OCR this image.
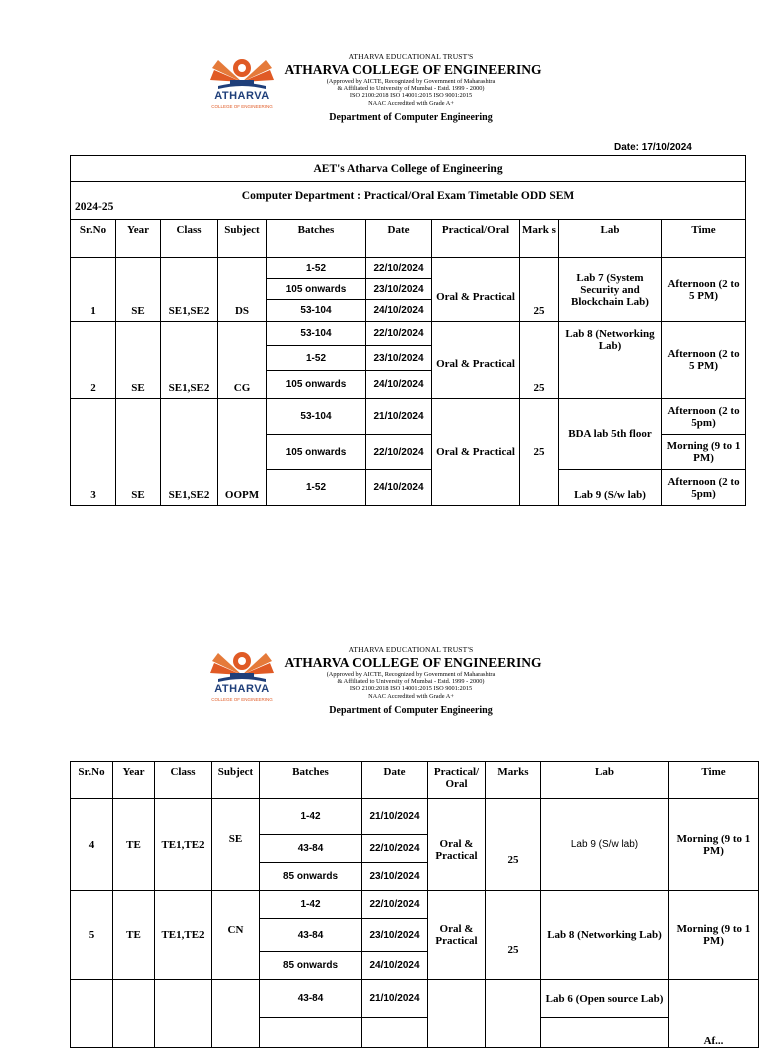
ATHARVA
COLLEGE OF ENGINEERING
ATHARVA EDUCATIONAL TRUST'S
ATHARVA COLLEGE OF ENGINEERING
(Approved by AICTE, Recognized by Government of Maharashtra
& Affiliated to University of Mumbai - Estd. 1999 - 2000)
ISO 2100:2018 ISO 14001:2015 ISO 9001:2015
NAAC Accredited with Grade A+
Department of Computer Engineering
Date: 17/10/2024
AET's Atharva College of Engineering									

Computer Department : Practical/Oral Exam Timetable ODD SEM
2024-25									

Sr.No	Year	Class	Subject	Batches	Date	Practical/Oral	Mark s	Lab	Time
1	SE	SE1,SE2	DS	1-52	22/10/2024	Oral & Practical	25	Lab 7 (System Security and Blockchain Lab)	Afternoon (2 to 5 PM)
				105 onwards	23/10/2024				
				53-104	24/10/2024				
2	SE	SE1,SE2	CG	53-104	22/10/2024	Oral & Practical	25	Lab 8 (Networking Lab)	Afternoon (2 to 5 PM)
				1-52	23/10/2024				
				105 onwards	24/10/2024				
3	SE	SE1,SE2	OOPM	53-104	21/10/2024	Oral & Practical	25	BDA lab 5th floor	Afternoon (2 to 5pm)
				105 onwards	22/10/2024				Morning (9 to 1 PM)
				1-52	24/10/2024			Lab 9 (S/w lab)	Afternoon (2 to 5pm)
ATHARVA
COLLEGE OF ENGINEERING
ATHARVA EDUCATIONAL TRUST'S
ATHARVA COLLEGE OF ENGINEERING
(Approved by AICTE, Recognized by Government of Maharashtra
& Affiliated to University of Mumbai - Estd. 1999 - 2000)
ISO 2100:2018 ISO 14001:2015 ISO 9001:2015
NAAC Accredited with Grade A+
Department of Computer Engineering
Sr.No	Year	Class	Subject	Batches	Date	Practical/ Oral	Marks	Lab	Time
4	TE	TE1,TE2	SE	1-42	21/10/2024	Oral & Practical	25	Lab 9 (S/w lab)	Morning (9 to 1 PM)
				43-84	22/10/2024				
				85 onwards	23/10/2024				
5	TE	TE1,TE2	CN	1-42	22/10/2024	Oral & Practical	25	Lab 8 (Networking Lab)	Morning (9 to 1 PM)
				43-84	23/10/2024				
				85 onwards	24/10/2024				
				43-84	21/10/2024			Lab 6 (Open source Lab)	Af...
